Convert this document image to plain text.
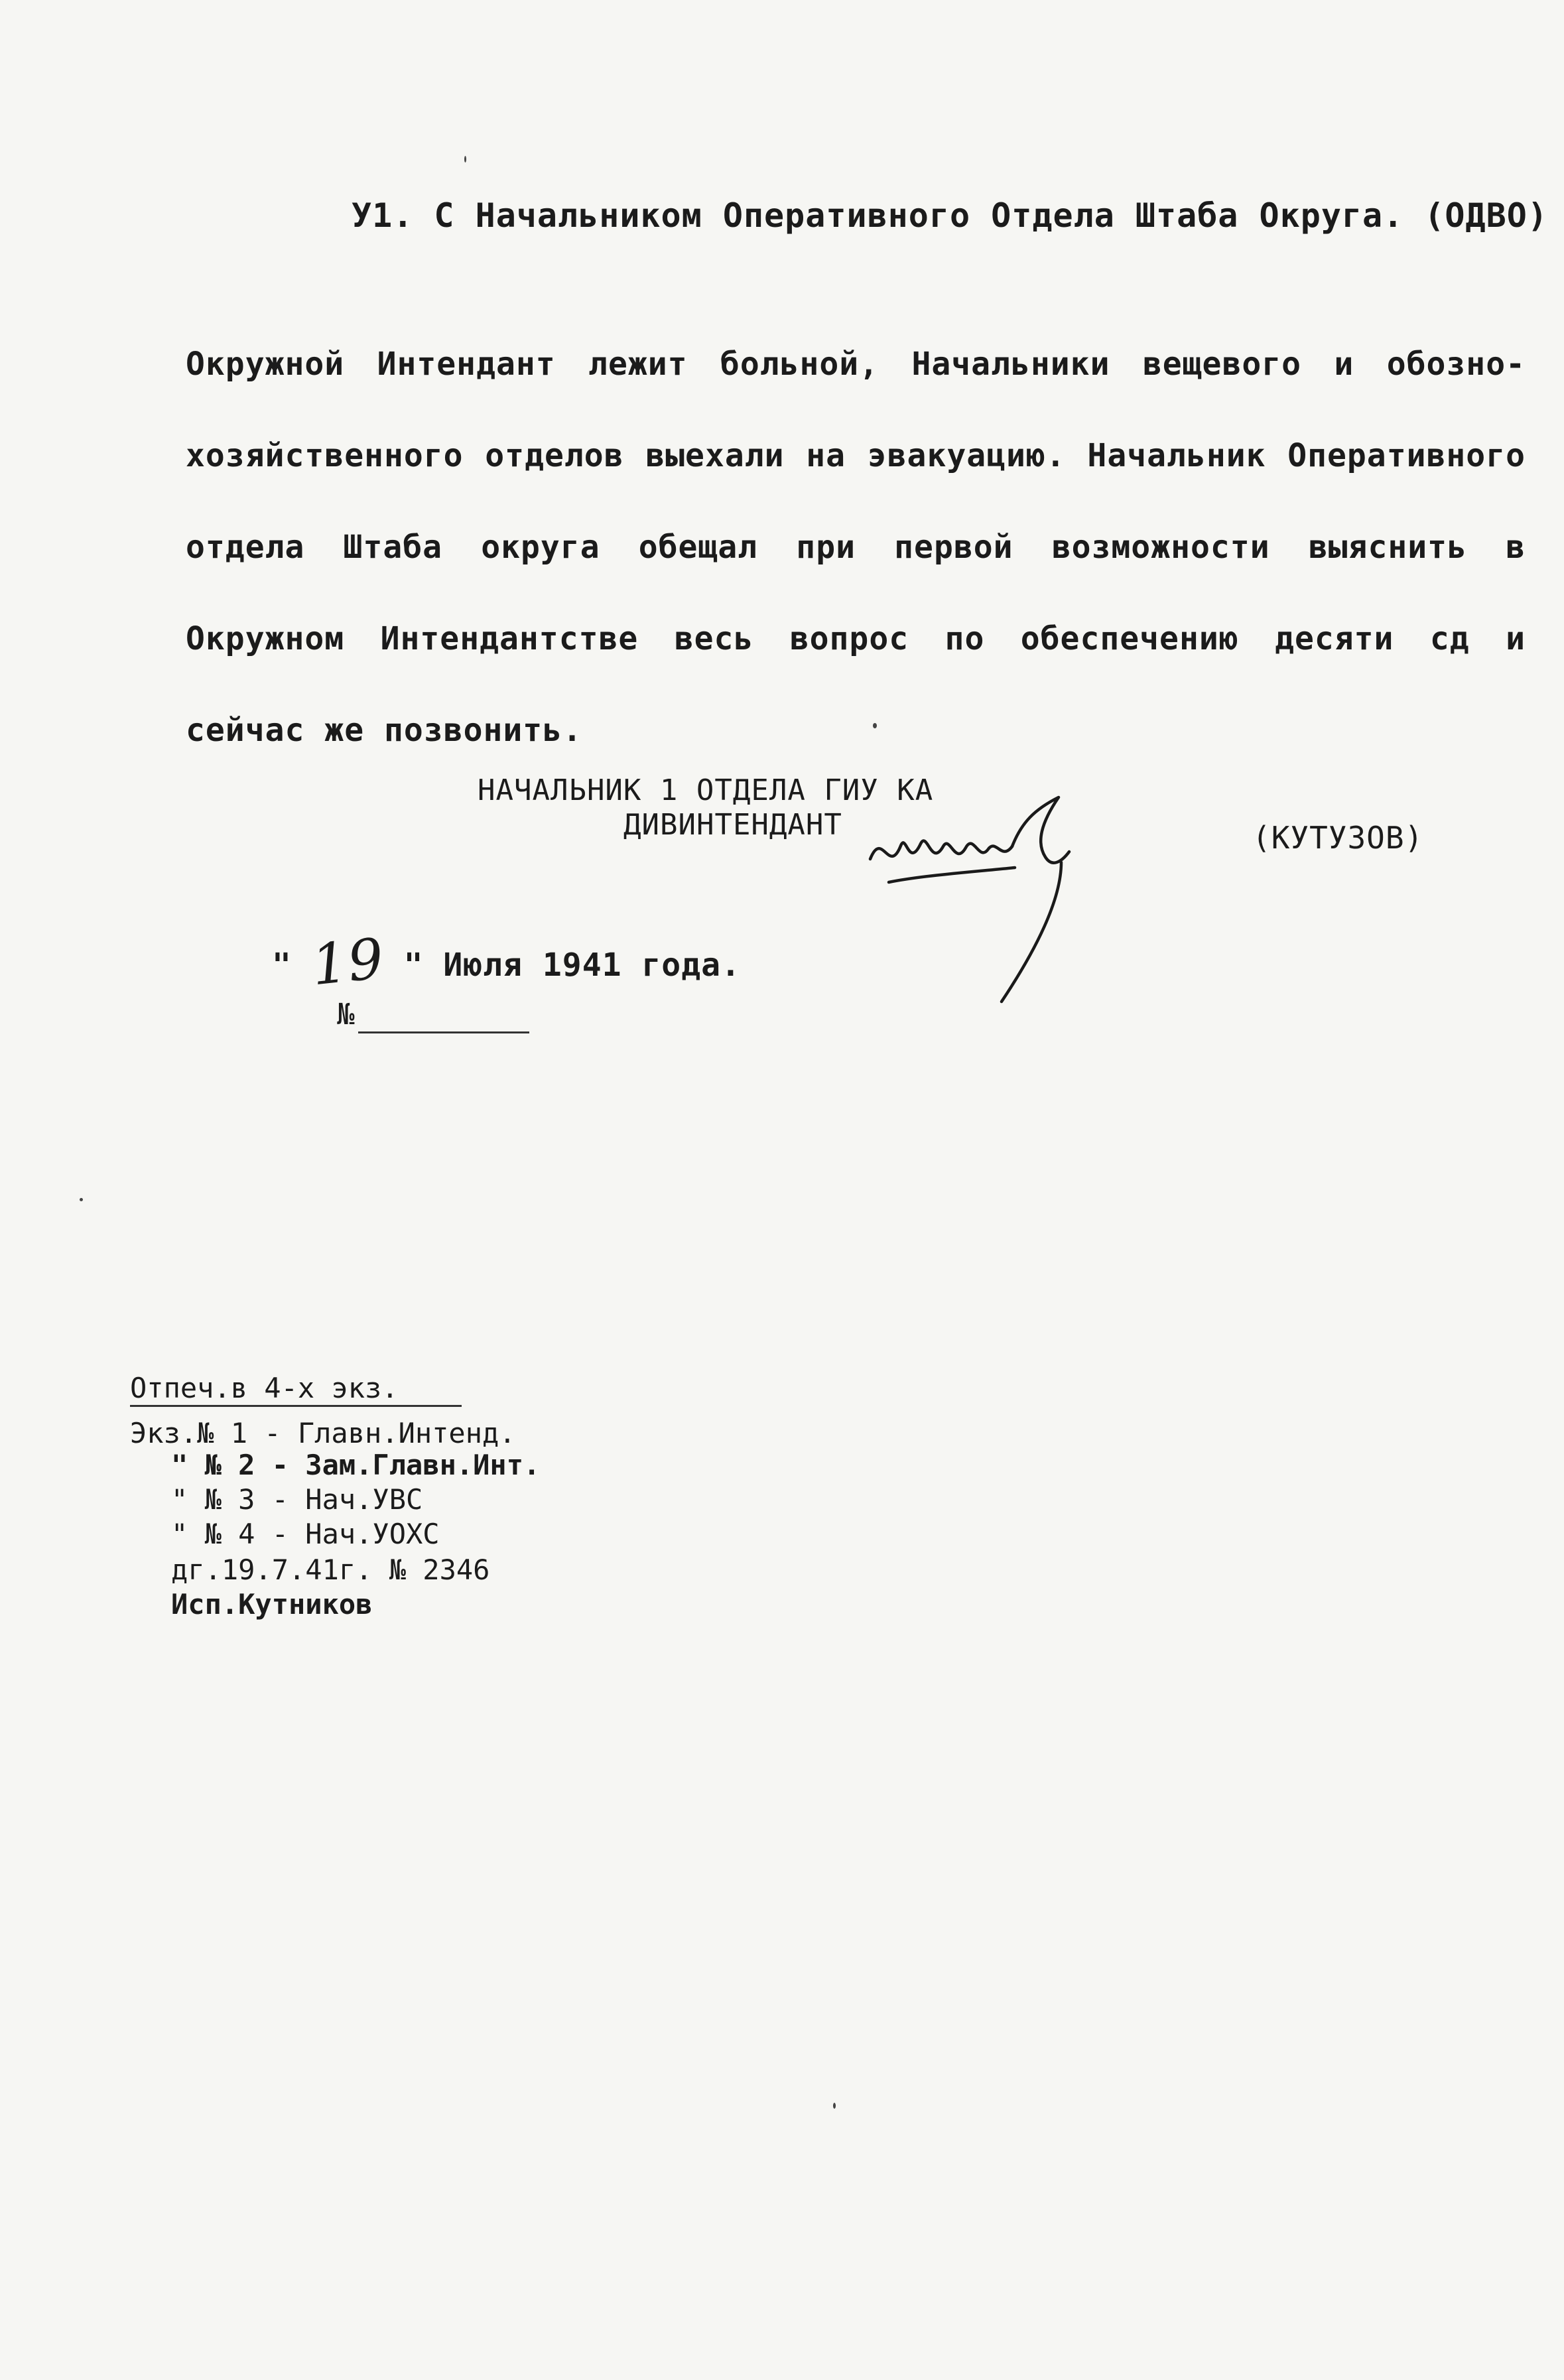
У1. С Начальником Оперативного Отдела Штаба Округа. (ОДВО)
Окружной Интендант лежит больной, Начальники вещевого и обозно-хозяйственного отделов выехали на эвакуацию. Начальник Оперативного отдела Штаба округа обещал при первой возможности выяснить в Окружном Интендантстве весь вопрос по обеспечению десяти сд и сейчас же позвонить.
НАЧАЛЬНИК 1 ОТДЕЛА ГИУ КА
ДИВИНТЕНДАНТ	(КУТУЗОВ)
" 19 " Июля 1941 года.
№
Отпеч.в 4-х экз.
Экз.№ 1 - Главн.Интенд.
" № 2 - Зам.Главн.Инт.
" № 3 - Нач.УВС
" № 4 - Нач.УОХС
дг.19.7.41г. № 2346
Исп.Кутников
